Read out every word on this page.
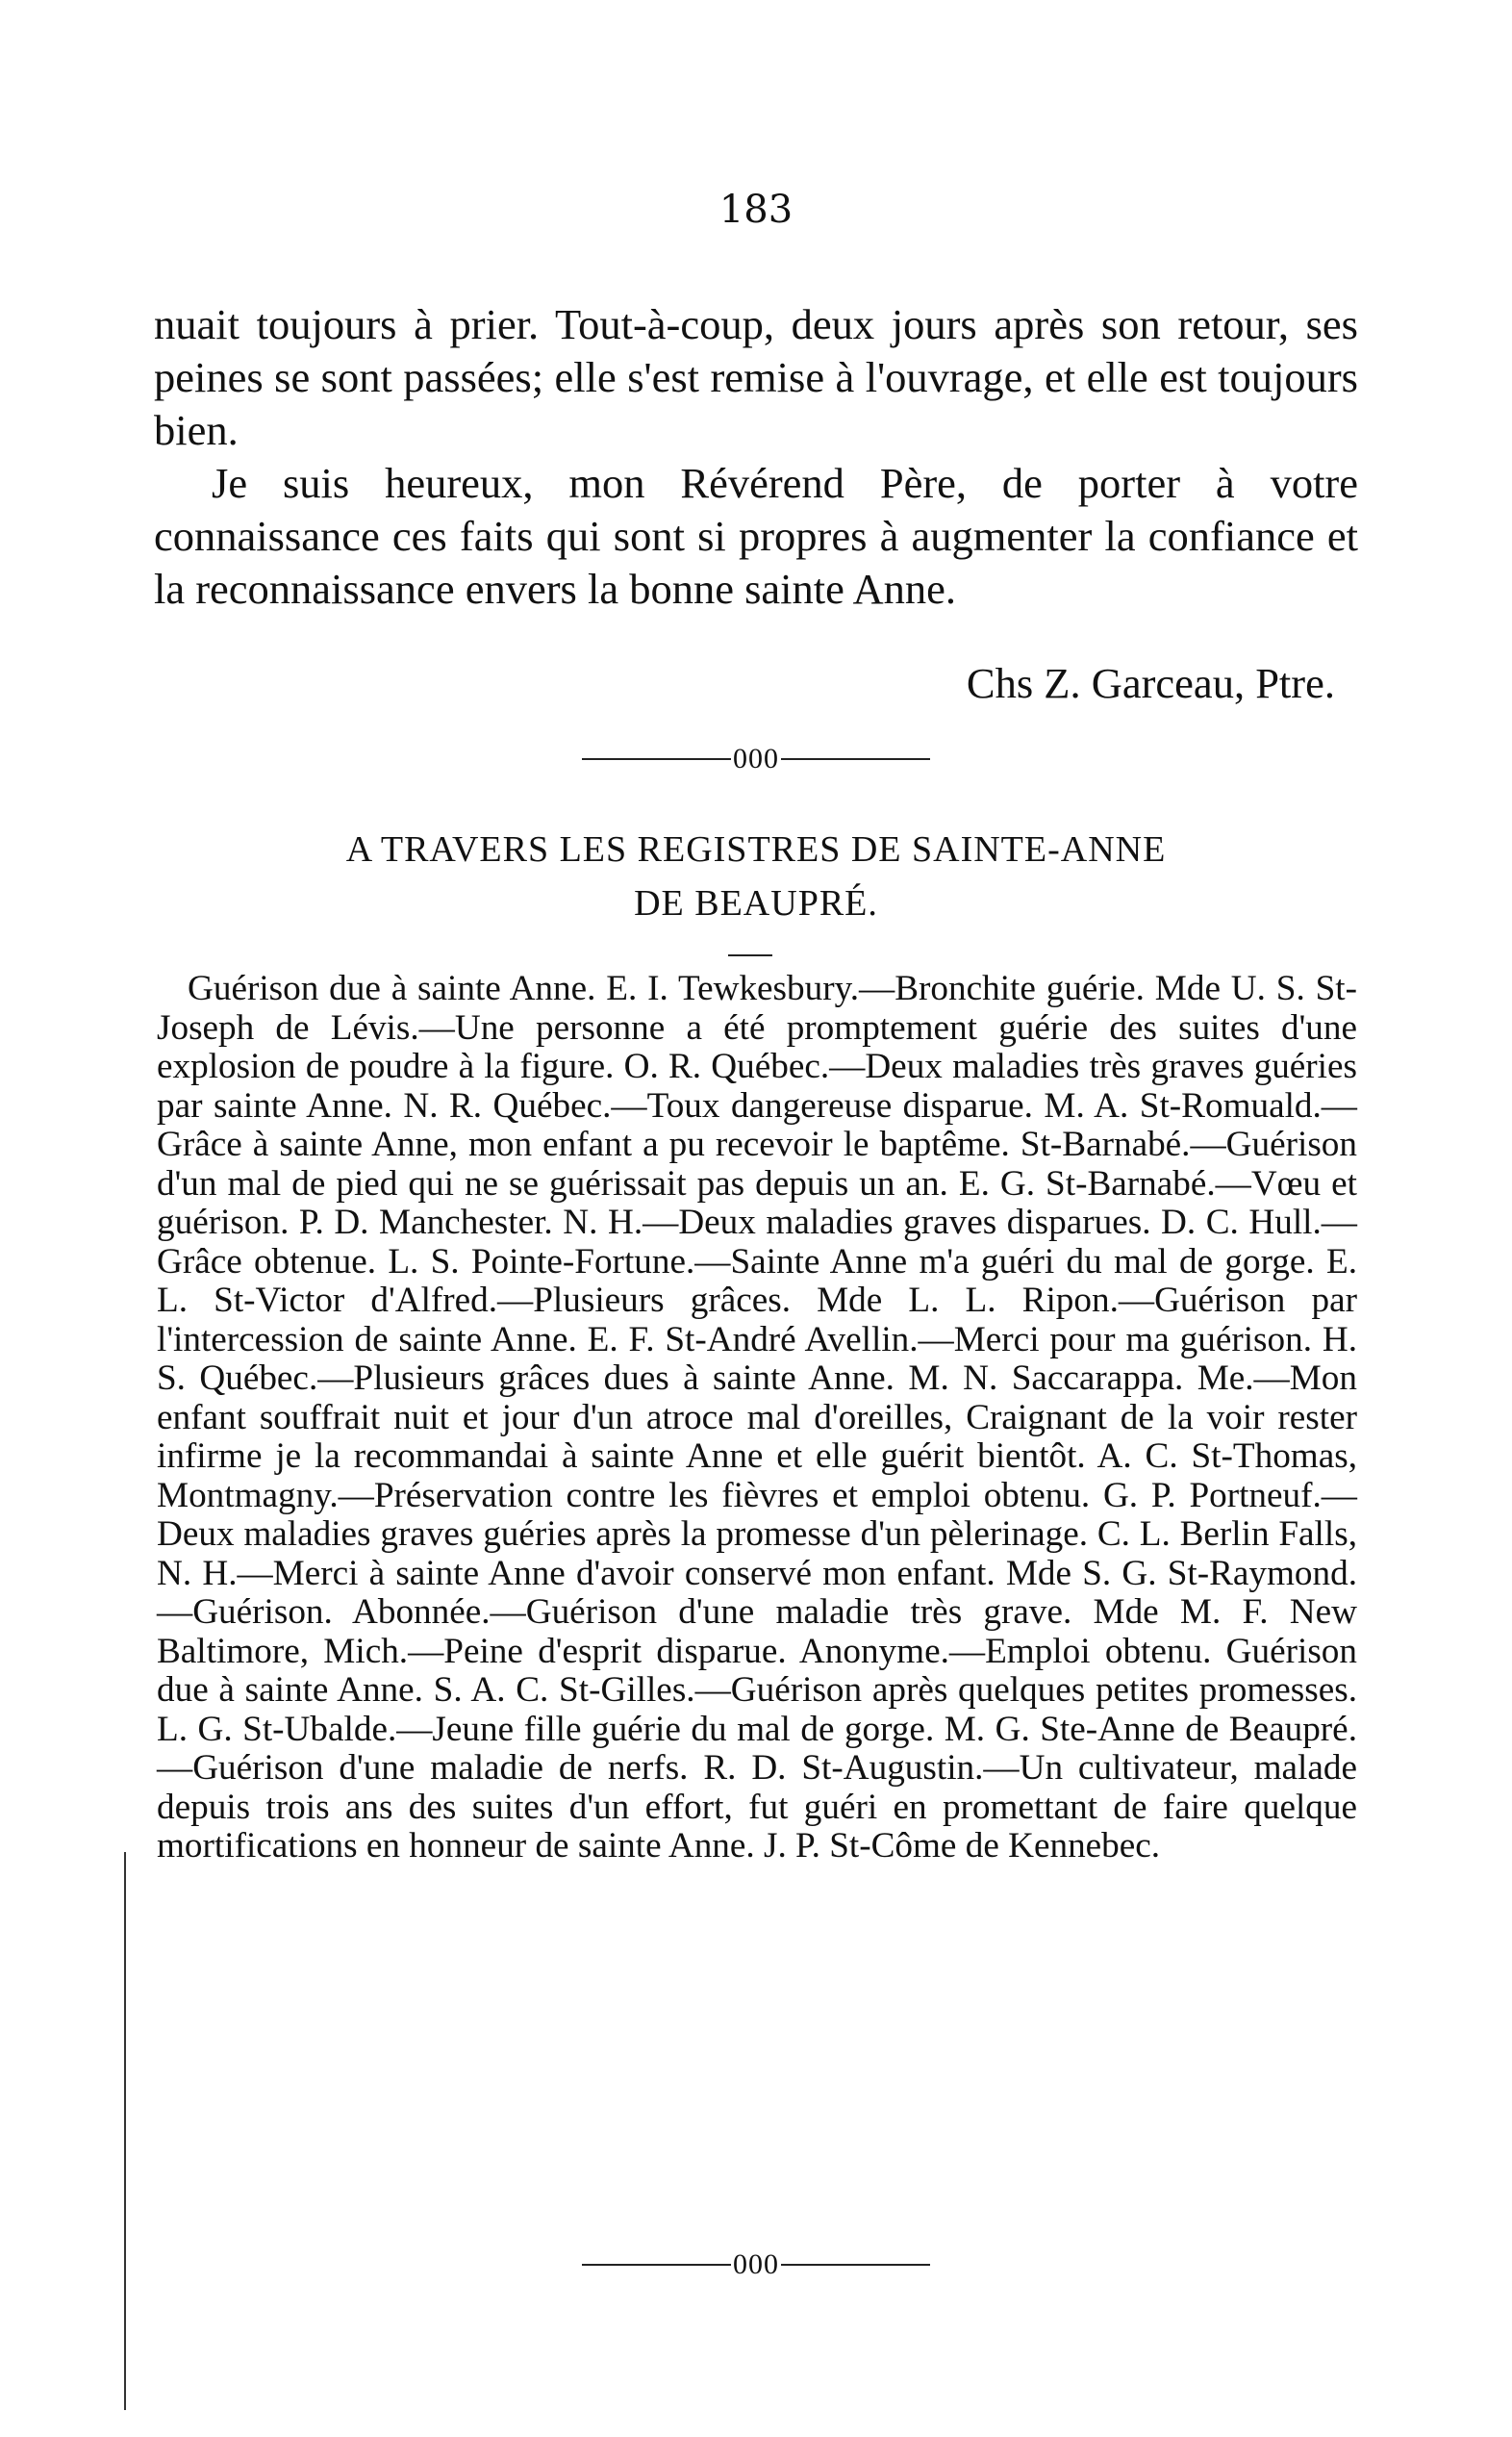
183

nuait toujours à prier. Tout-à-coup, deux jours après son retour, ses peines se sont passées; elle s'est remise à l'ouvrage, et elle est toujours bien.

Je suis heureux, mon Révérend Père, de porter à votre connaissance ces faits qui sont si propres à augmenter la confiance et la reconnaissance envers la bonne sainte Anne.

Chs Z. Garceau, Ptre.
000

A TRAVERS LES REGISTRES DE SAINTE-ANNE

DE BEAUPRÉ.

Guérison due à sainte Anne. E. I. Tewkesbury.—Bronchite guérie. Mde U. S. St-Joseph de Lévis.—Une personne a été promptement guérie des suites d'une explosion de poudre à la figure. O. R. Québec.—Deux maladies très graves guéries par sainte Anne. N. R. Québec.—Toux dangereuse disparue. M. A. St-Romuald.—Grâce à sainte Anne, mon enfant a pu recevoir le baptême. St-Barnabé.—Guérison d'un mal de pied qui ne se guérissait pas depuis un an. E. G. St-Barnabé.—Vœu et guérison. P. D. Manchester. N. H.—Deux maladies graves disparues. D. C. Hull.—Grâce obtenue. L. S. Pointe-Fortune.—Sainte Anne m'a guéri du mal de gorge. E. L. St-Victor d'Alfred.—Plusieurs grâces. Mde L. L. Ripon.—Guérison par l'intercession de sainte Anne. E. F. St-André Avellin.—Merci pour ma guérison. H. S. Québec.—Plusieurs grâces dues à sainte Anne. M. N. Saccarappa. Me.—Mon enfant souffrait nuit et jour d'un atroce mal d'oreilles, Craignant de la voir rester infirme je la recommandai à sainte Anne et elle guérit bientôt. A. C. St-Thomas, Montmagny.—Préservation contre les fièvres et emploi obtenu. G. P. Portneuf.—Deux maladies graves guéries après la promesse d'un pèlerinage. C. L. Berlin Falls, N. H.—Merci à sainte Anne d'avoir conservé mon enfant. Mde S. G. St-Raymond.—Guérison. Abonnée.—Guérison d'une maladie très grave. Mde M. F. New Baltimore, Mich.—Peine d'esprit disparue. Anonyme.—Emploi obtenu. Guérison due à sainte Anne. S. A. C. St-Gilles.—Guérison après quelques petites promesses. L. G. St-Ubalde.—Jeune fille guérie du mal de gorge. M. G. Ste-Anne de Beaupré.—Guérison d'une maladie de nerfs. R. D. St-Augustin.—Un cultivateur, malade depuis trois ans des suites d'un effort, fut guéri en promettant de faire quelque mortifications en honneur de sainte Anne. J. P. St-Côme de Kennebec.

000
